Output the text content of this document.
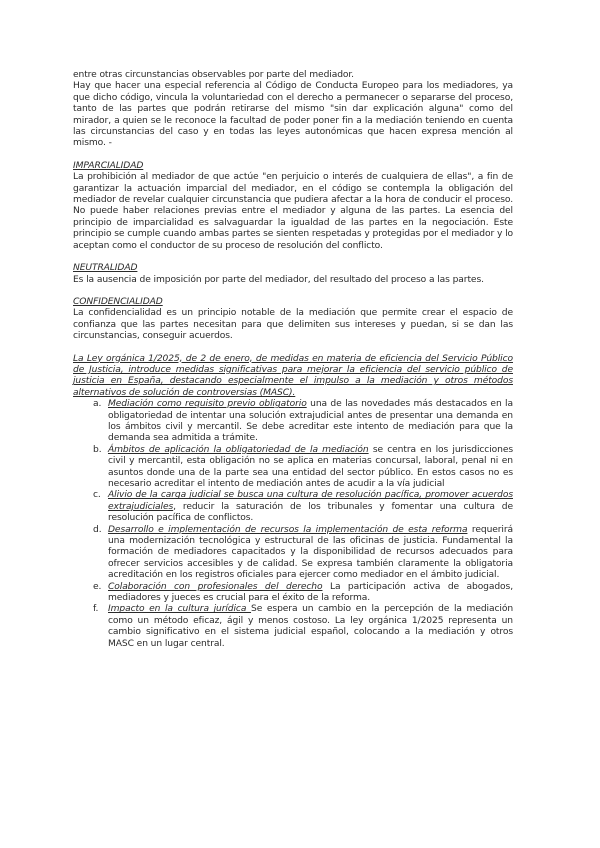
entre otras circunstancias observables por parte del mediador.

Hay que hacer una especial referencia al Código de Conducta Europeo para los mediadores, ya que dicho código, vincula la voluntariedad con el derecho a permanecer o separarse del proceso, tanto de las partes que podrán retirarse del mismo "sin dar explicación alguna" como del mirador, a quien se le reconoce la facultad de poder poner fin a la mediación teniendo en cuenta las circunstancias del caso y en todas las leyes autonómicas que hacen expresa mención al mismo. -

IMPARCIALIDAD

La prohibición al mediador de que actúe "en perjuicio o interés de cualquiera de ellas", a fin de garantizar la actuación imparcial del mediador, en el código se contempla la obligación del mediador de revelar cualquier circunstancia que pudiera afectar a la hora de conducir el proceso. No puede haber relaciones previas entre el mediador y alguna de las partes. La esencia del principio de imparcialidad es salvaguardar la igualdad de las partes en la negociación. Este principio se cumple cuando ambas partes se sienten respetadas y protegidas por el mediador y lo aceptan como el conductor de su proceso de resolución del conflicto.

NEUTRALIDAD

Es la ausencia de imposición por parte del mediador, del resultado del proceso a las partes.

CONFIDENCIALIDAD

La confidencialidad es un principio notable de la mediación que permite crear el espacio de confianza que las partes necesitan para que delimiten sus intereses y puedan, si se dan las circunstancias, conseguir acuerdos.

La Ley orgánica 1/2025, de 2 de enero, de medidas en materia de eficiencia del Servicio Público de Justicia, introduce medidas significativas para mejorar la eficiencia del servicio público de justicia en España, destacando especialmente el impulso a la mediación y otros métodos alternativos de solución de controversias (MASC).

a. Mediación como requisito previo obligatorio una de las novedades más destacados en la obligatoriedad de intentar una solución extrajudicial antes de presentar una demanda en los ámbitos civil y mercantil. Se debe acreditar este intento de mediación para que la demanda sea admitida a trámite.
b. Ámbitos de aplicación la obligatoriedad de la mediación se centra en los jurisdicciones civil y mercantil, esta obligación no se aplica en materias concursal, laboral, penal ni en asuntos donde una de la parte sea una entidad del sector público. En estos casos no es necesario acreditar el intento de mediación antes de acudir a la vía judicial
c. Alivio de la carga judicial se busca una cultura de resolución pacífica, promover acuerdos extrajudiciales, reducir la saturación de los tribunales y fomentar una cultura de resolución pacífica de conflictos.
d. Desarrollo e implementación de recursos la implementación de esta reforma requerirá una modernización tecnológica y estructural de las oficinas de justicia. Fundamental la formación de mediadores capacitados y la disponibilidad de recursos adecuados para ofrecer servicios accesibles y de calidad. Se expresa también claramente la obligatoria acreditación en los registros oficiales para ejercer como mediador en el ámbito judicial.
e. Colaboración con profesionales del derecho La participación activa de abogados, mediadores y jueces es crucial para el éxito de la reforma.
f. Impacto en la cultura jurídica Se espera un cambio en la percepción de la mediación como un método eficaz, ágil y menos costoso. La ley orgánica 1/2025 representa un cambio significativo en el sistema judicial español, colocando a la mediación y otros MASC en un lugar central.
